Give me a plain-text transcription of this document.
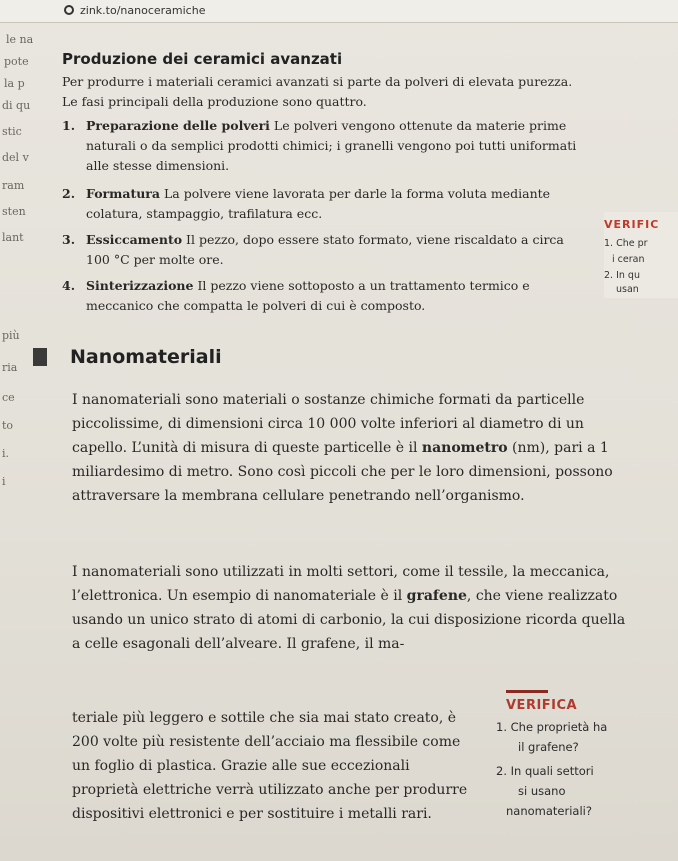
zink.to/nanoceramiche
le na
pote
la p
di qu
stic
del v
ram
sten
lant
più
ria
ce
to
i.
i
Produzione dei ceramici avanzati

Per produrre i materiali ceramici avanzati si parte da polveri di elevata purezza. Le fasi principali della produzione sono quattro.

1. Preparazione delle polveri Le polveri vengono ottenute da materie prime naturali o da semplici prodotti chimici; i granelli vengono poi tutti uniformati alle stesse dimensioni.
2. Formatura La polvere viene lavorata per darle la forma voluta mediante colatura, stampaggio, trafilatura ecc.
3. Essiccamento Il pezzo, dopo essere stato formato, viene riscaldato a circa 100 °C per molte ore.
4. Sinterizzazione Il pezzo viene sottoposto a un trattamento termico e meccanico che compatta le polveri di cui è composto.
VERIFIC
1. Che pr
i ceran
2. In qu
usan
Nanomateriali

I nanomateriali sono materiali o sostanze chimiche formati da particelle piccolissime, di dimensioni circa 10 000 volte inferiori al diametro di un capello. L’unità di misura di queste particelle è il nanometro (nm), pari a 1 miliardesimo di metro. Sono così piccoli che per le loro dimensioni, possono attraversare la membrana cellulare penetrando nell’organismo.

I nanomateriali sono utilizzati in molti settori, come il tessile, la meccanica, l’elettronica. Un esempio di nanomateriale è il grafene, che viene realizzato usando un unico strato di atomi di carbonio, la cui disposizione ricorda quella a celle esagonali dell’alveare. Il grafene, il ma-

teriale più leggero e sottile che sia mai stato creato, è 200 volte più resistente dell’acciaio ma flessibile come un foglio di plastica. Grazie alle sue eccezionali proprietà elettriche verrà utilizzato anche per produrre dispositivi elettronici e per sostituire i metalli rari.

VERIFICA
1. Che proprietà ha
il grafene?
2. In quali settori
si usano
nanomateriali?
